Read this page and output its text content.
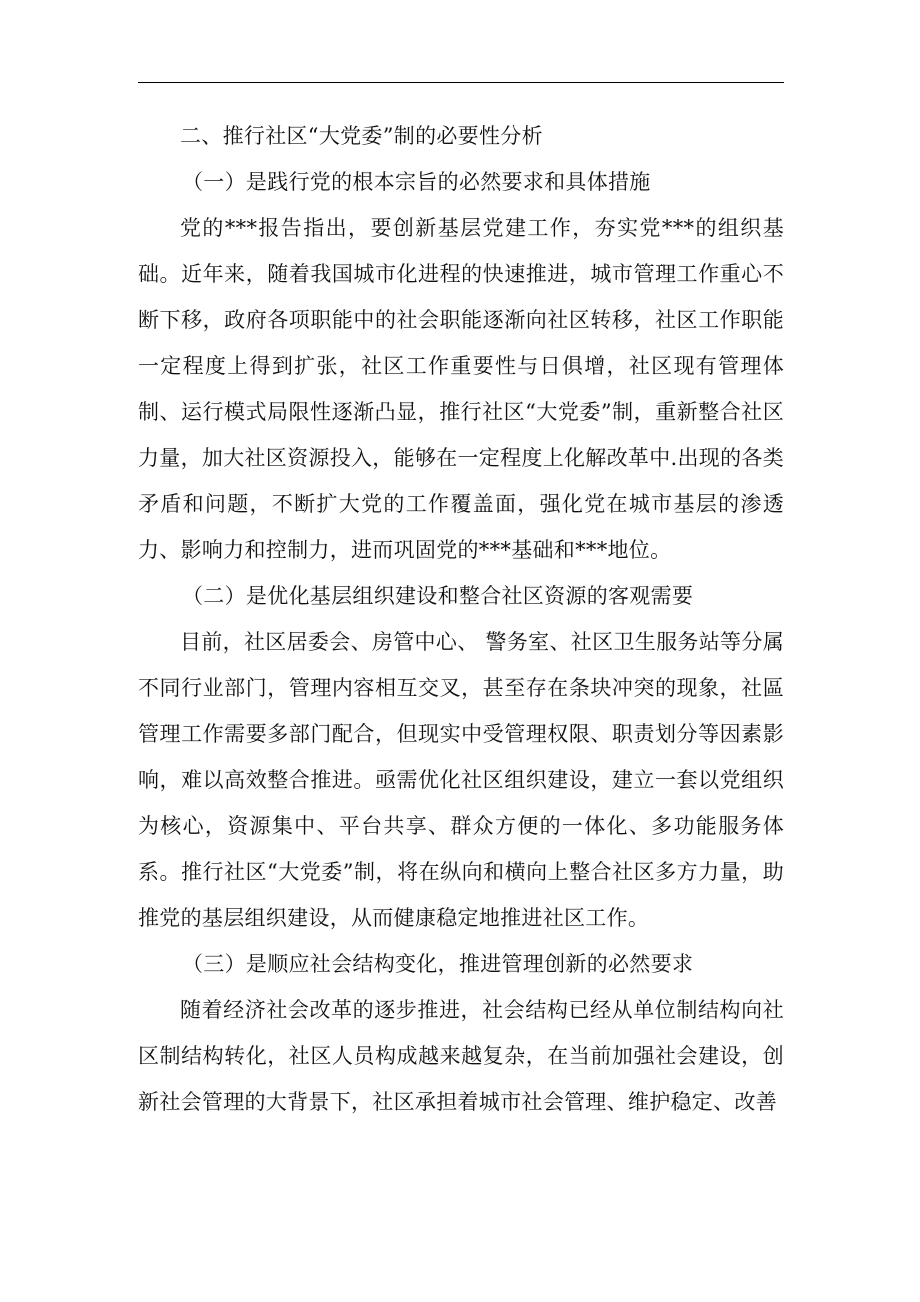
二、推行社区“大党委”制的必要性分析
（一）是践行党的根本宗旨的必然要求和具体措施

党的***报告指出，要创新基层党建工作，夯实党***的组织基础。近年来，随着我国城市化进程的快速推进，城市管理工作重心不断下移，政府各项职能中的社会职能逐渐向社区转移，社区工作职能一定程度上得到扩张，社区工作重要性与日俱增，社区现有管理体制、运行模式局限性逐渐凸显，推行社区“大党委”制，重新整合社区力量，加大社区资源投入，能够在一定程度上化解改革中.出现的各类矛盾和问题，不断扩大党的工作覆盖面，强化党在城市基层的渗透力、影响力和控制力，进而巩固党的***基础和***地位。

（二）是优化基层组织建设和整合社区资源的客观需要

目前，社区居委会、房管中心、 警务室、社区卫生服务站等分属不同行业部门，管理内容相互交叉，甚至存在条块冲突的现象，社區管理工作需要多部门配合，但现实中受管理权限、职责划分等因素影响，难以高效整合推进。亟需优化社区组织建设，建立一套以党组织为核心，资源集中、平台共享、群众方便的一体化、多功能服务体系。推行社区“大党委”制，将在纵向和横向上整合社区多方力量，助推党的基层组织建设，从而健康稳定地推进社区工作。

（三）是顺应社会结构变化，推进管理创新的必然要求

随着经济社会改革的逐步推进，社会结构已经从单位制结构向社区制结构转化，社区人员构成越来越复杂，在当前加强社会建设，创新社会管理的大背景下，社区承担着城市社会管理、维护稳定、改善
